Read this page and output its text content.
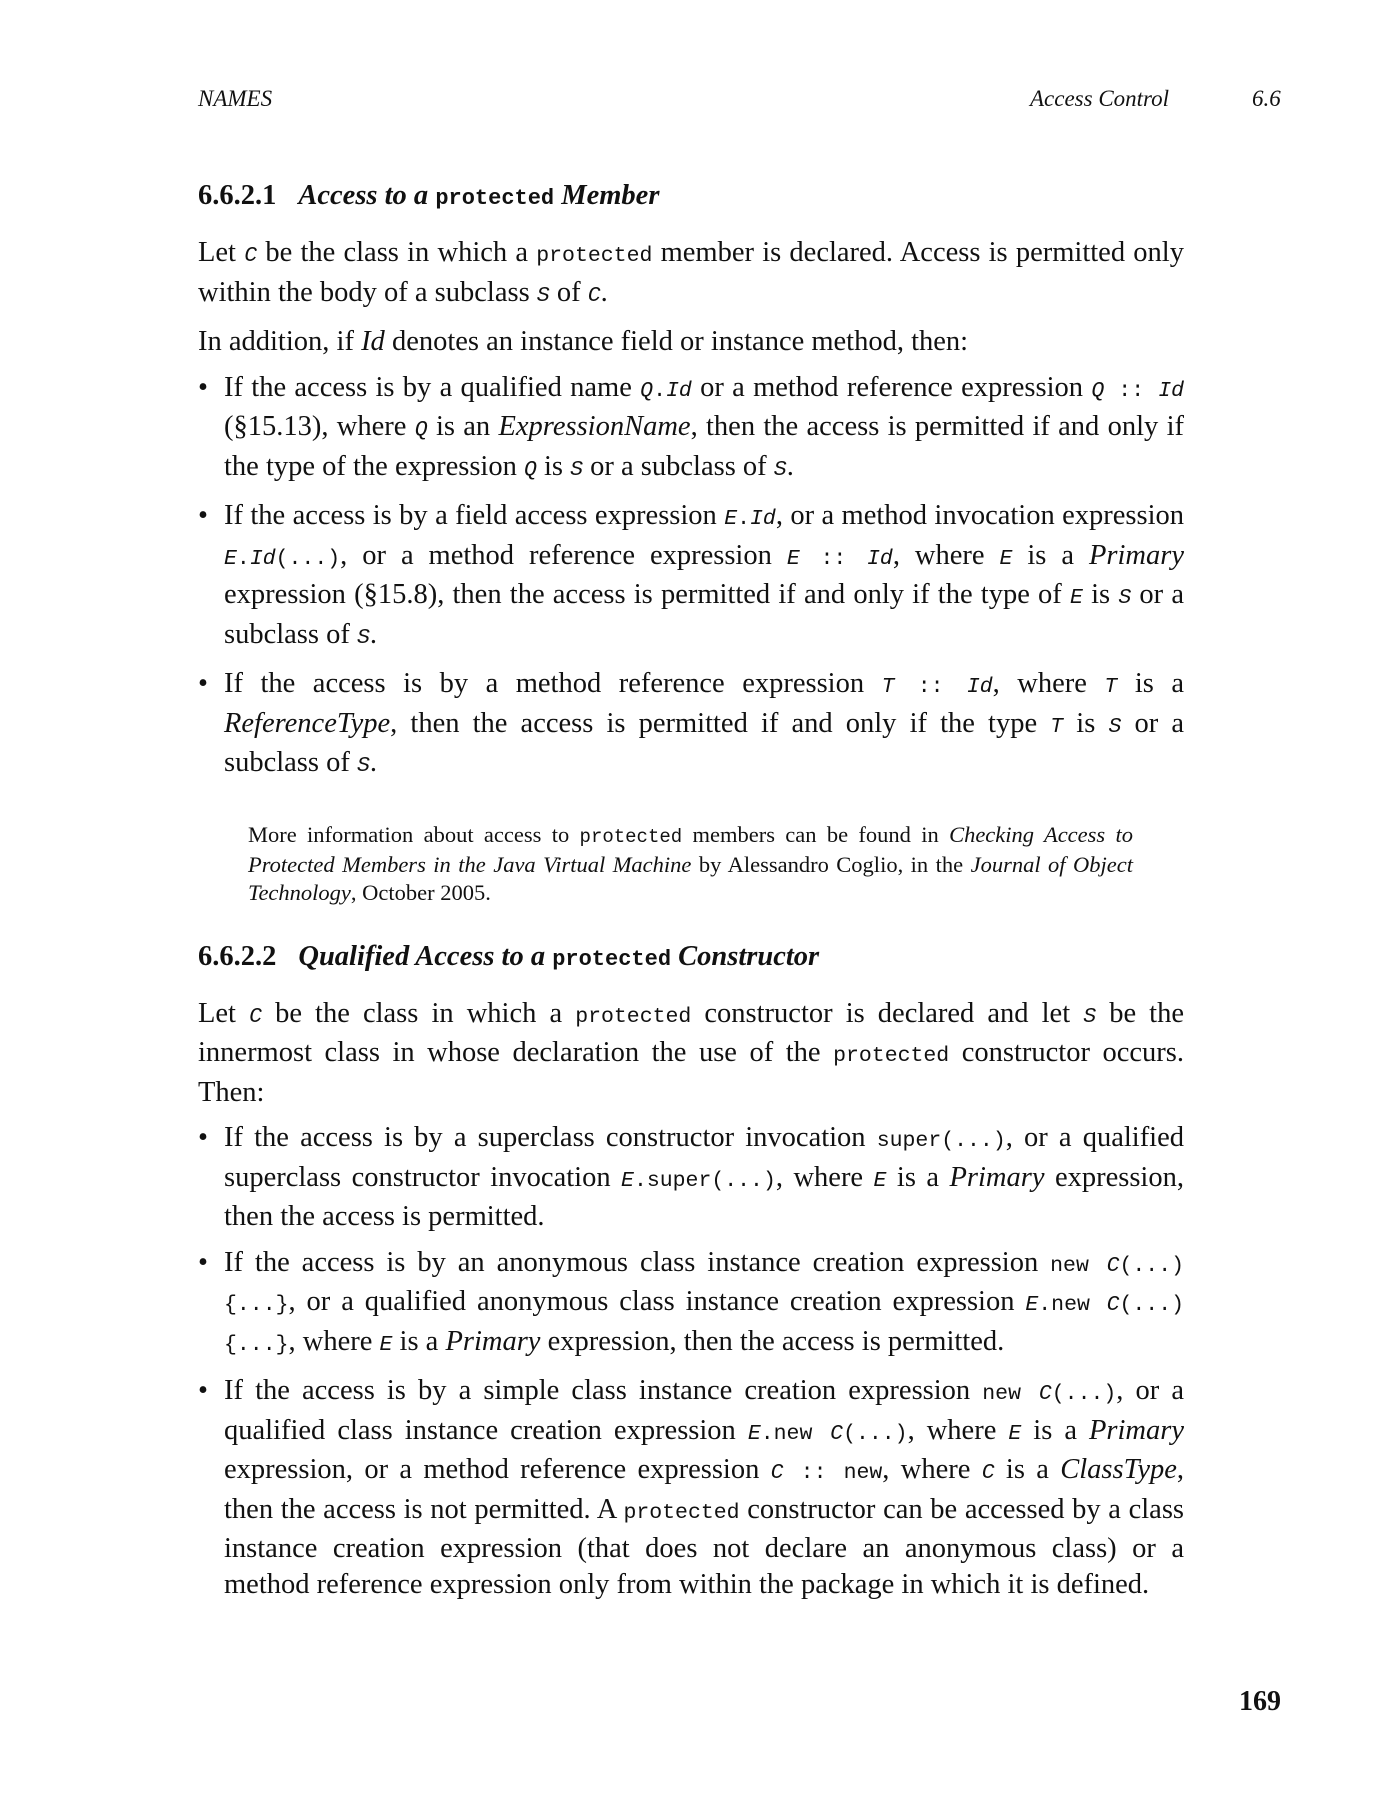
NAMES	Access Control	6.6
6.6.2.1 Access to a protected Member

Let C be the class in which a protected member is declared. Access is permitted only within the body of a subclass S of C.

In addition, if Id denotes an instance field or instance method, then:

• If the access is by a qualified name Q.Id or a method reference expression Q :: Id (§15.13), where Q is an ExpressionName, then the access is permitted if and only if the type of the expression Q is S or a subclass of S.
• If the access is by a field access expression E.Id, or a method invocation expression E.Id(...), or a method reference expression E :: Id, where E is a Primary expression (§15.8), then the access is permitted if and only if the type of E is S or a subclass of S.
• If the access is by a method reference expression T :: Id, where T is a ReferenceType, then the access is permitted if and only if the type T is S or a subclass of S.

More information about access to protected members can be found in Checking Access to Protected Members in the Java Virtual Machine by Alessandro Coglio, in the Journal of Object Technology, October 2005.

6.6.2.2 Qualified Access to a protected Constructor

Let C be the class in which a protected constructor is declared and let S be the innermost class in whose declaration the use of the protected constructor occurs. Then:

• If the access is by a superclass constructor invocation super(...), or a qualified superclass constructor invocation E.super(...), where E is a Primary expression, then the access is permitted.
• If the access is by an anonymous class instance creation expression new C(...){...}, or a qualified anonymous class instance creation expression E.new C(...){...}, where E is a Primary expression, then the access is permitted.
• If the access is by a simple class instance creation expression new C(...), or a qualified class instance creation expression E.new C(...), where E is a Primary expression, or a method reference expression C :: new, where C is a ClassType, then the access is not permitted. A protected constructor can be accessed by a class instance creation expression (that does not declare an anonymous class) or a method reference expression only from within the package in which it is defined.
169
